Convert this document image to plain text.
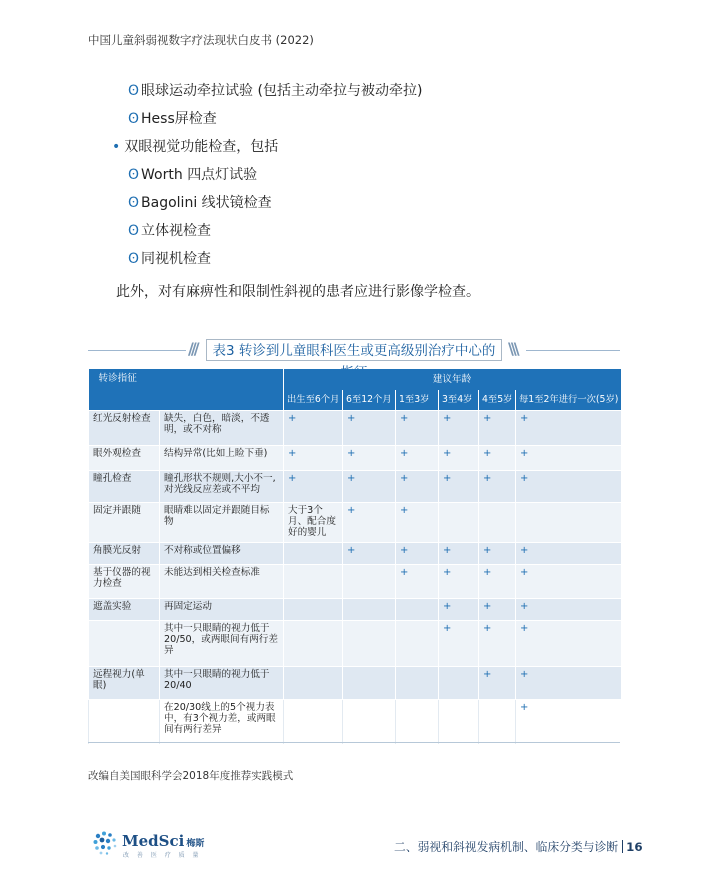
中国儿童斜弱视数字疗法现状白皮书 (2022)
ʘ 眼球运动牵拉试验 (包括主动牵拉与被动牵拉)
ʘ Hess屏检查
• 双眼视觉功能检查，包括
ʘ Worth 四点灯试验
ʘ Bagolini 线状镜检查
ʘ 立体视检查
ʘ 同视机检查
此外，对有麻痹性和限制性斜视的患者应进行影像学检查。
///	表3 转诊到儿童眼科医生或更高级别治疗中心的 \\\
转诊指征		建议年龄					
		出生至6个月	6至12个月	1至3岁	3至4岁	4至5岁	每1至2年进行一次(5岁)
红光反射检查	缺失，白色，暗淡，不透明，或不对称	+	+	+	+	+	+
眼外观检查	结构异常(比如上睑下垂)	+	+	+	+	+	+
瞳孔检查	瞳孔形状不规则,大小不一,对光线反应差或不平均	+	+	+	+	+	+
固定并跟随	眼睛难以固定并跟随目标物	大于3个月、配合度好的婴儿	+	+			
角膜光反射	不对称或位置偏移		+	+	+	+	+
基于仪器的视力检查	未能达到相关检查标准			+	+	+	+
遮盖实验	再固定运动				+	+	+
	其中一只眼睛的视力低于20/50，或两眼间有两行差异				+	+	+
远程视力(单眼)	其中一只眼睛的视力低于20/40					+	+
	在20/30线上的5个视力表中，有3个视力差，或两眼间有两行差异						+
改编自美国眼科学会2018年度推荐实践模式
MedSci 梅斯
改 善 医 疗 质 量
二、弱视和斜视发病机制、临床分类与诊断 16
